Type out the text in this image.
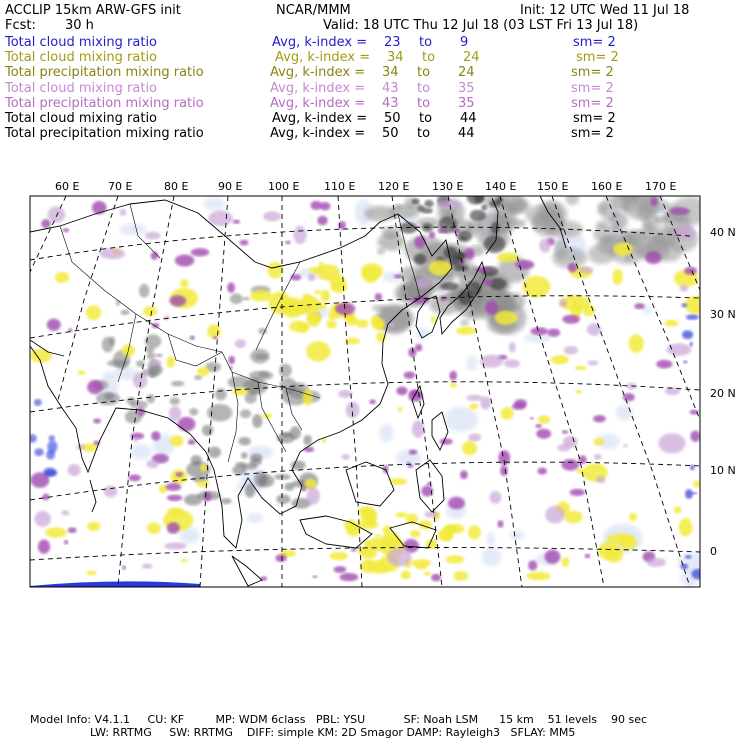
ACCLIP 15km ARW-GFS init	NCAR/MMM	Init: 12 UTC Wed 11 Jul 18
Fcst: 30 h	Valid: 18 UTC Thu 12 Jul 18 (03 LST Fri 13 Jul 18)
Total cloud mixing ratio	Avg, k-index = 23 to 9	sm= 2
Total cloud mixing ratio	Avg, k-index = 34 to 24	sm= 2
Total precipitation mixing ratio	Avg, k-index = 34 to 24	sm= 2
Total cloud mixing ratio	Avg, k-index = 43 to 35	sm= 2
Total precipitation mixing ratio	Avg, k-index = 43 to 35	sm= 2
Total cloud mixing ratio	Avg, k-index = 50 to 44	sm= 2
Total precipitation mixing ratio	Avg, k-index = 50 to 44	sm= 2
60 E	70 E	80 E	90 E 100 E 110 E 120 E 130 E 140 E 150 E 160 E 170 E
40 N
30 N
20 N
10 N
0
Model Info: V4.1.1     CU: KF         MP: WDM 6class   PBL: YSU           SF: Noah LSM      15 km    51 levels    90 sec
LW: RRTMG     SW: RRTMG    DIFF: simple KM: 2D Smagor DAMP: Rayleigh3   SFLAY: MM5
